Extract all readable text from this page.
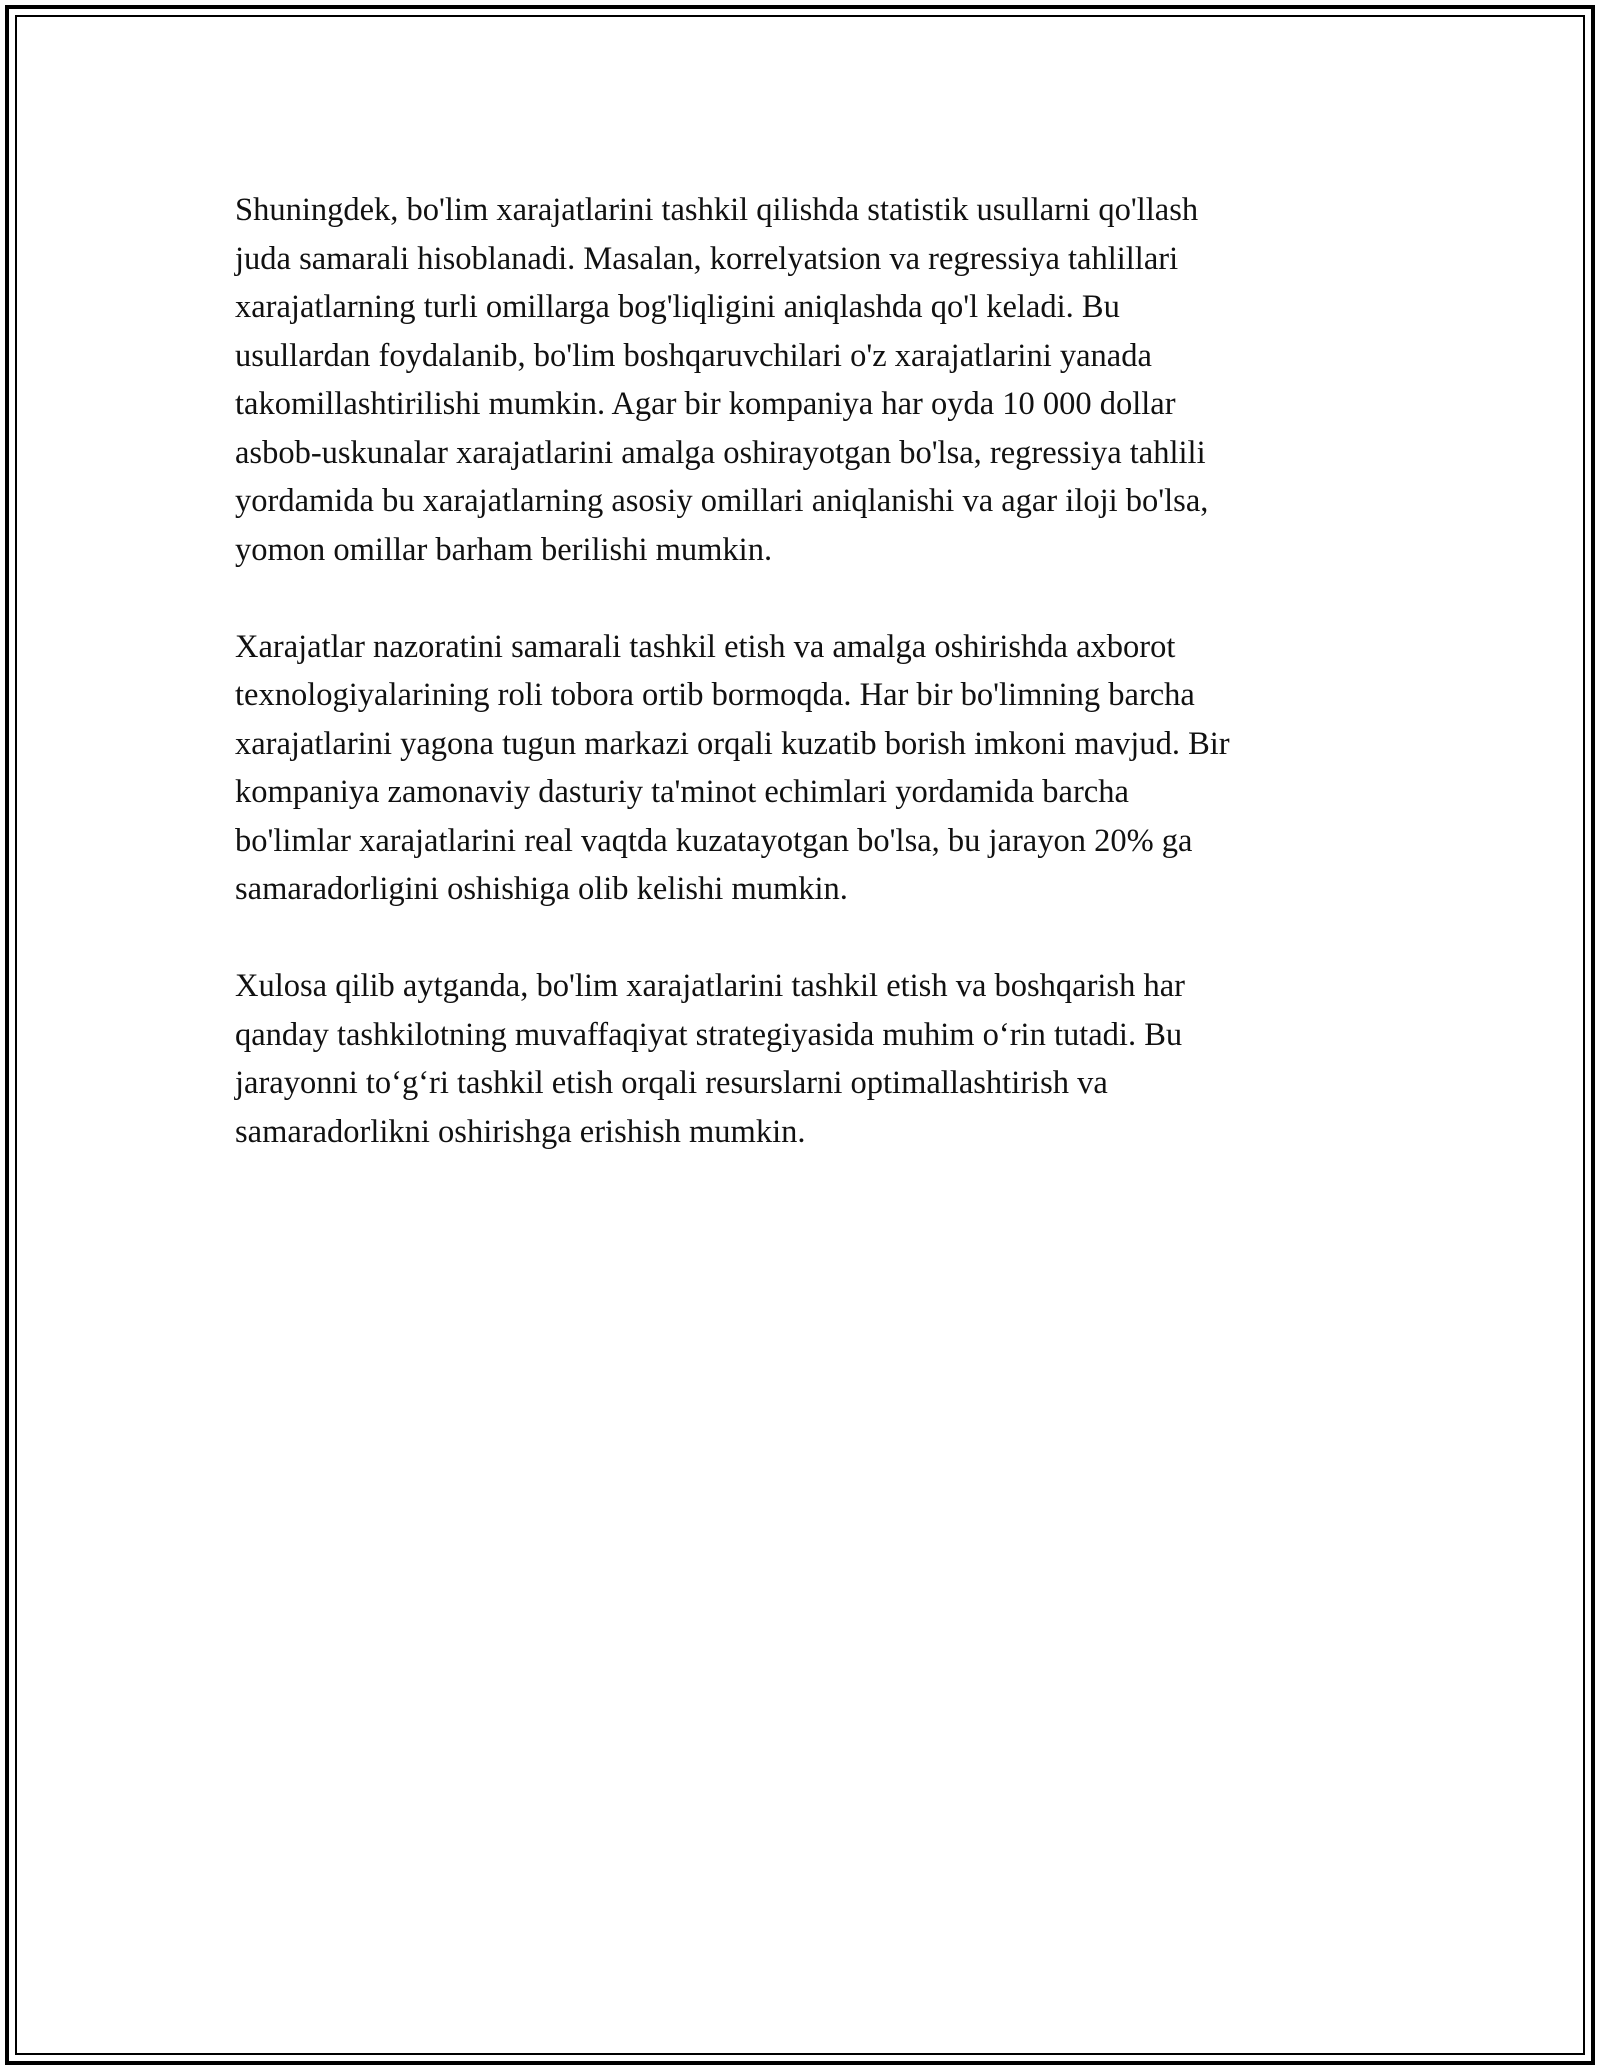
Shuningdek, bo'lim xarajatlarini tashkil qilishda statistik usullarni qo'llash
juda samarali hisoblanadi. Masalan, korrelyatsion va regressiya tahlillari
xarajatlarning turli omillarga bog'liqligini aniqlashda qo'l keladi. Bu
usullardan foydalanib, bo'lim boshqaruvchilari o'z xarajatlarini yanada
takomillashtirilishi mumkin. Agar bir kompaniya har oyda 10 000 dollar
asbob-uskunalar xarajatlarini amalga oshirayotgan bo'lsa, regressiya tahlili
yordamida bu xarajatlarning asosiy omillari aniqlanishi va agar iloji bo'lsa,
yomon omillar barham berilishi mumkin.

Xarajatlar nazoratini samarali tashkil etish va amalga oshirishda axborot
texnologiyalarining roli tobora ortib bormoqda. Har bir bo'limning barcha
xarajatlarini yagona tugun markazi orqali kuzatib borish imkoni mavjud. Bir
kompaniya zamonaviy dasturiy ta'minot echimlari yordamida barcha
bo'limlar xarajatlarini real vaqtda kuzatayotgan bo'lsa, bu jarayon 20% ga
samaradorligini oshishiga olib kelishi mumkin.

Xulosa qilib aytganda, bo'lim xarajatlarini tashkil etish va boshqarish har
qanday tashkilotning muvaffaqiyat strategiyasida muhim o‘rin tutadi. Bu
jarayonni to‘g‘ri tashkil etish orqali resurslarni optimallashtirish va
samaradorlikni oshirishga erishish mumkin.
